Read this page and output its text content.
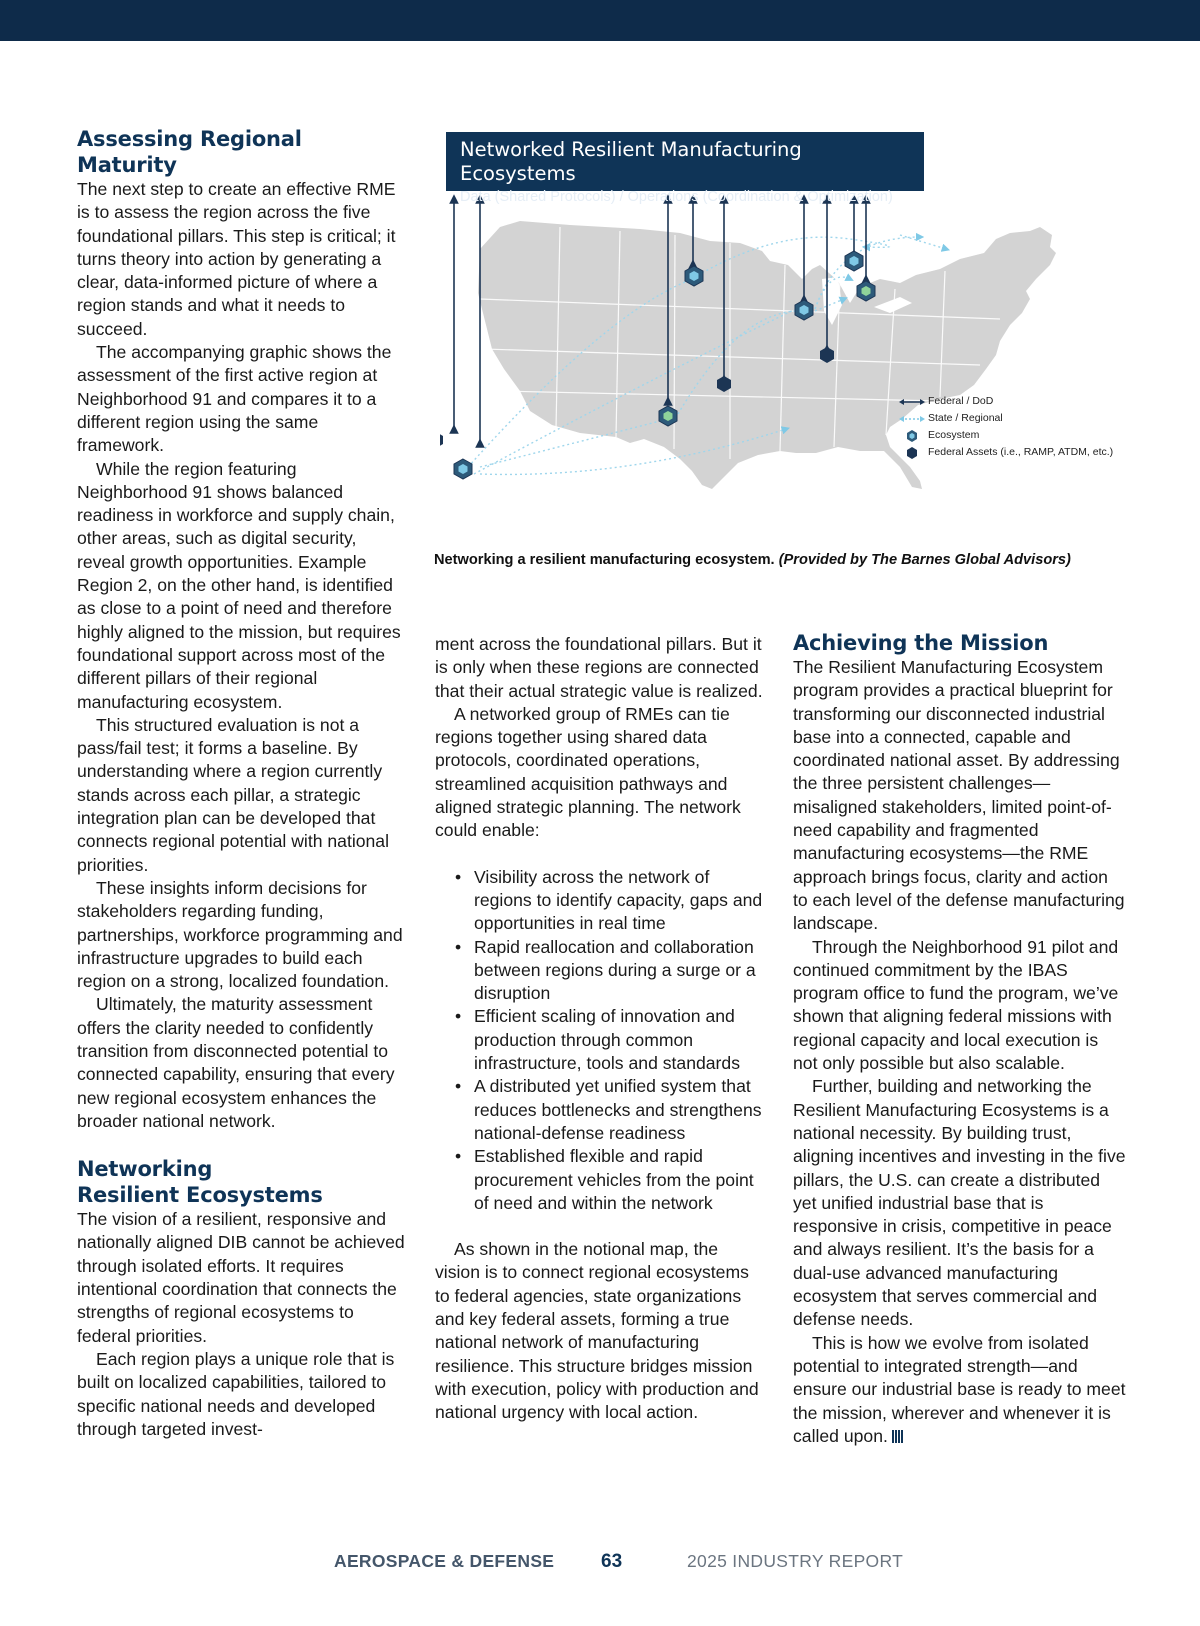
Assessing Regional Maturity

The next step to create an effective RME is to assess the region across the five foundational pillars. This step is critical; it turns theory into action by generating a clear, data-informed picture of where a region stands and what it needs to succeed.

The accompanying graphic shows the assessment of the first active region at Neighborhood 91 and compares it to a different region using the same framework.

While the region featuring Neighborhood 91 shows balanced readiness in workforce and supply chain, other areas, such as digital security, reveal growth opportunities. Example Region 2, on the other hand, is identified as close to a point of need and therefore highly aligned to the mission, but requires foundational support across most of the different pillars of their regional manufacturing ecosystem.

This structured evaluation is not a pass/fail test; it forms a baseline. By understanding where a region currently stands across each pillar, a strategic integration plan can be developed that connects regional potential with national priorities.

These insights inform decisions for stakeholders regarding funding, partnerships, workforce programming and infrastructure upgrades to build each region on a strong, localized foundation.

Ultimately, the maturity assessment offers the clarity needed to confidently transition from disconnected potential to connected capability, ensuring that every new regional ecosystem enhances the broader national network.

Networking
Resilient Ecosystems

The vision of a resilient, responsive and nationally aligned DIB cannot be achieved through isolated efforts. It requires intentional coordination that connects the strengths of regional ecosystems to federal priorities.

Each region plays a unique role that is built on localized capabilities, tailored to specific national needs and developed through targeted invest-

Networked Resilient Manufacturing Ecosystems
Data (Shared Protocols) / Operations (Coordination & Optimization)
Federal / DoD
State / Regional
Ecosystem
Federal Assets (i.e., RAMP, ATDM, etc.)
Networking a resilient manufacturing ecosystem. (Provided by The Barnes Global Advisors)

ment across the foundational pillars. But it is only when these regions are connected that their actual strategic value is realized.

A networked group of RMEs can tie regions together using shared data protocols, coordinated operations, streamlined acquisition pathways and aligned strategic planning. The network could enable:

• Visibility across the network of regions to identify capacity, gaps and opportunities in real time
• Rapid reallocation and collaboration between regions during a surge or a disruption
• Efficient scaling of innovation and production through common infrastructure, tools and standards
• A distributed yet unified system that reduces bottlenecks and strengthens national-defense readiness
• Established flexible and rapid procurement vehicles from the point of need and within the network

As shown in the notional map, the vision is to connect regional ecosystems to federal agencies, state organizations and key federal assets, forming a true national network of manufacturing resilience. This structure bridges mission with execution, policy with production and national urgency with local action.

Achieving the Mission

The Resilient Manufacturing Ecosystem program provides a practical blueprint for transforming our disconnected industrial base into a connected, capable and coordinated national asset. By addressing the three persistent challenges—misaligned stakeholders, limited point-of-need capability and fragmented manufacturing ecosystems—the RME approach brings focus, clarity and action to each level of the defense manufacturing landscape.

Through the Neighborhood 91 pilot and continued commitment by the IBAS program office to fund the program, we’ve shown that aligning federal missions with regional capacity and local execution is not only possible but also scalable.

Further, building and networking the Resilient Manufacturing Ecosystems is a national necessity. By building trust, aligning incentives and investing in the five pillars, the U.S. can create a distributed yet unified industrial base that is responsive in crisis, competitive in peace and always resilient. It’s the basis for a dual-use advanced manufacturing ecosystem that serves commercial and defense needs.

This is how we evolve from isolated potential to integrated strength—and ensure our industrial base is ready to meet the mission, wherever and whenever it is called upon.

AEROSPACE & DEFENSE 63	2025 INDUSTRY REPORT
